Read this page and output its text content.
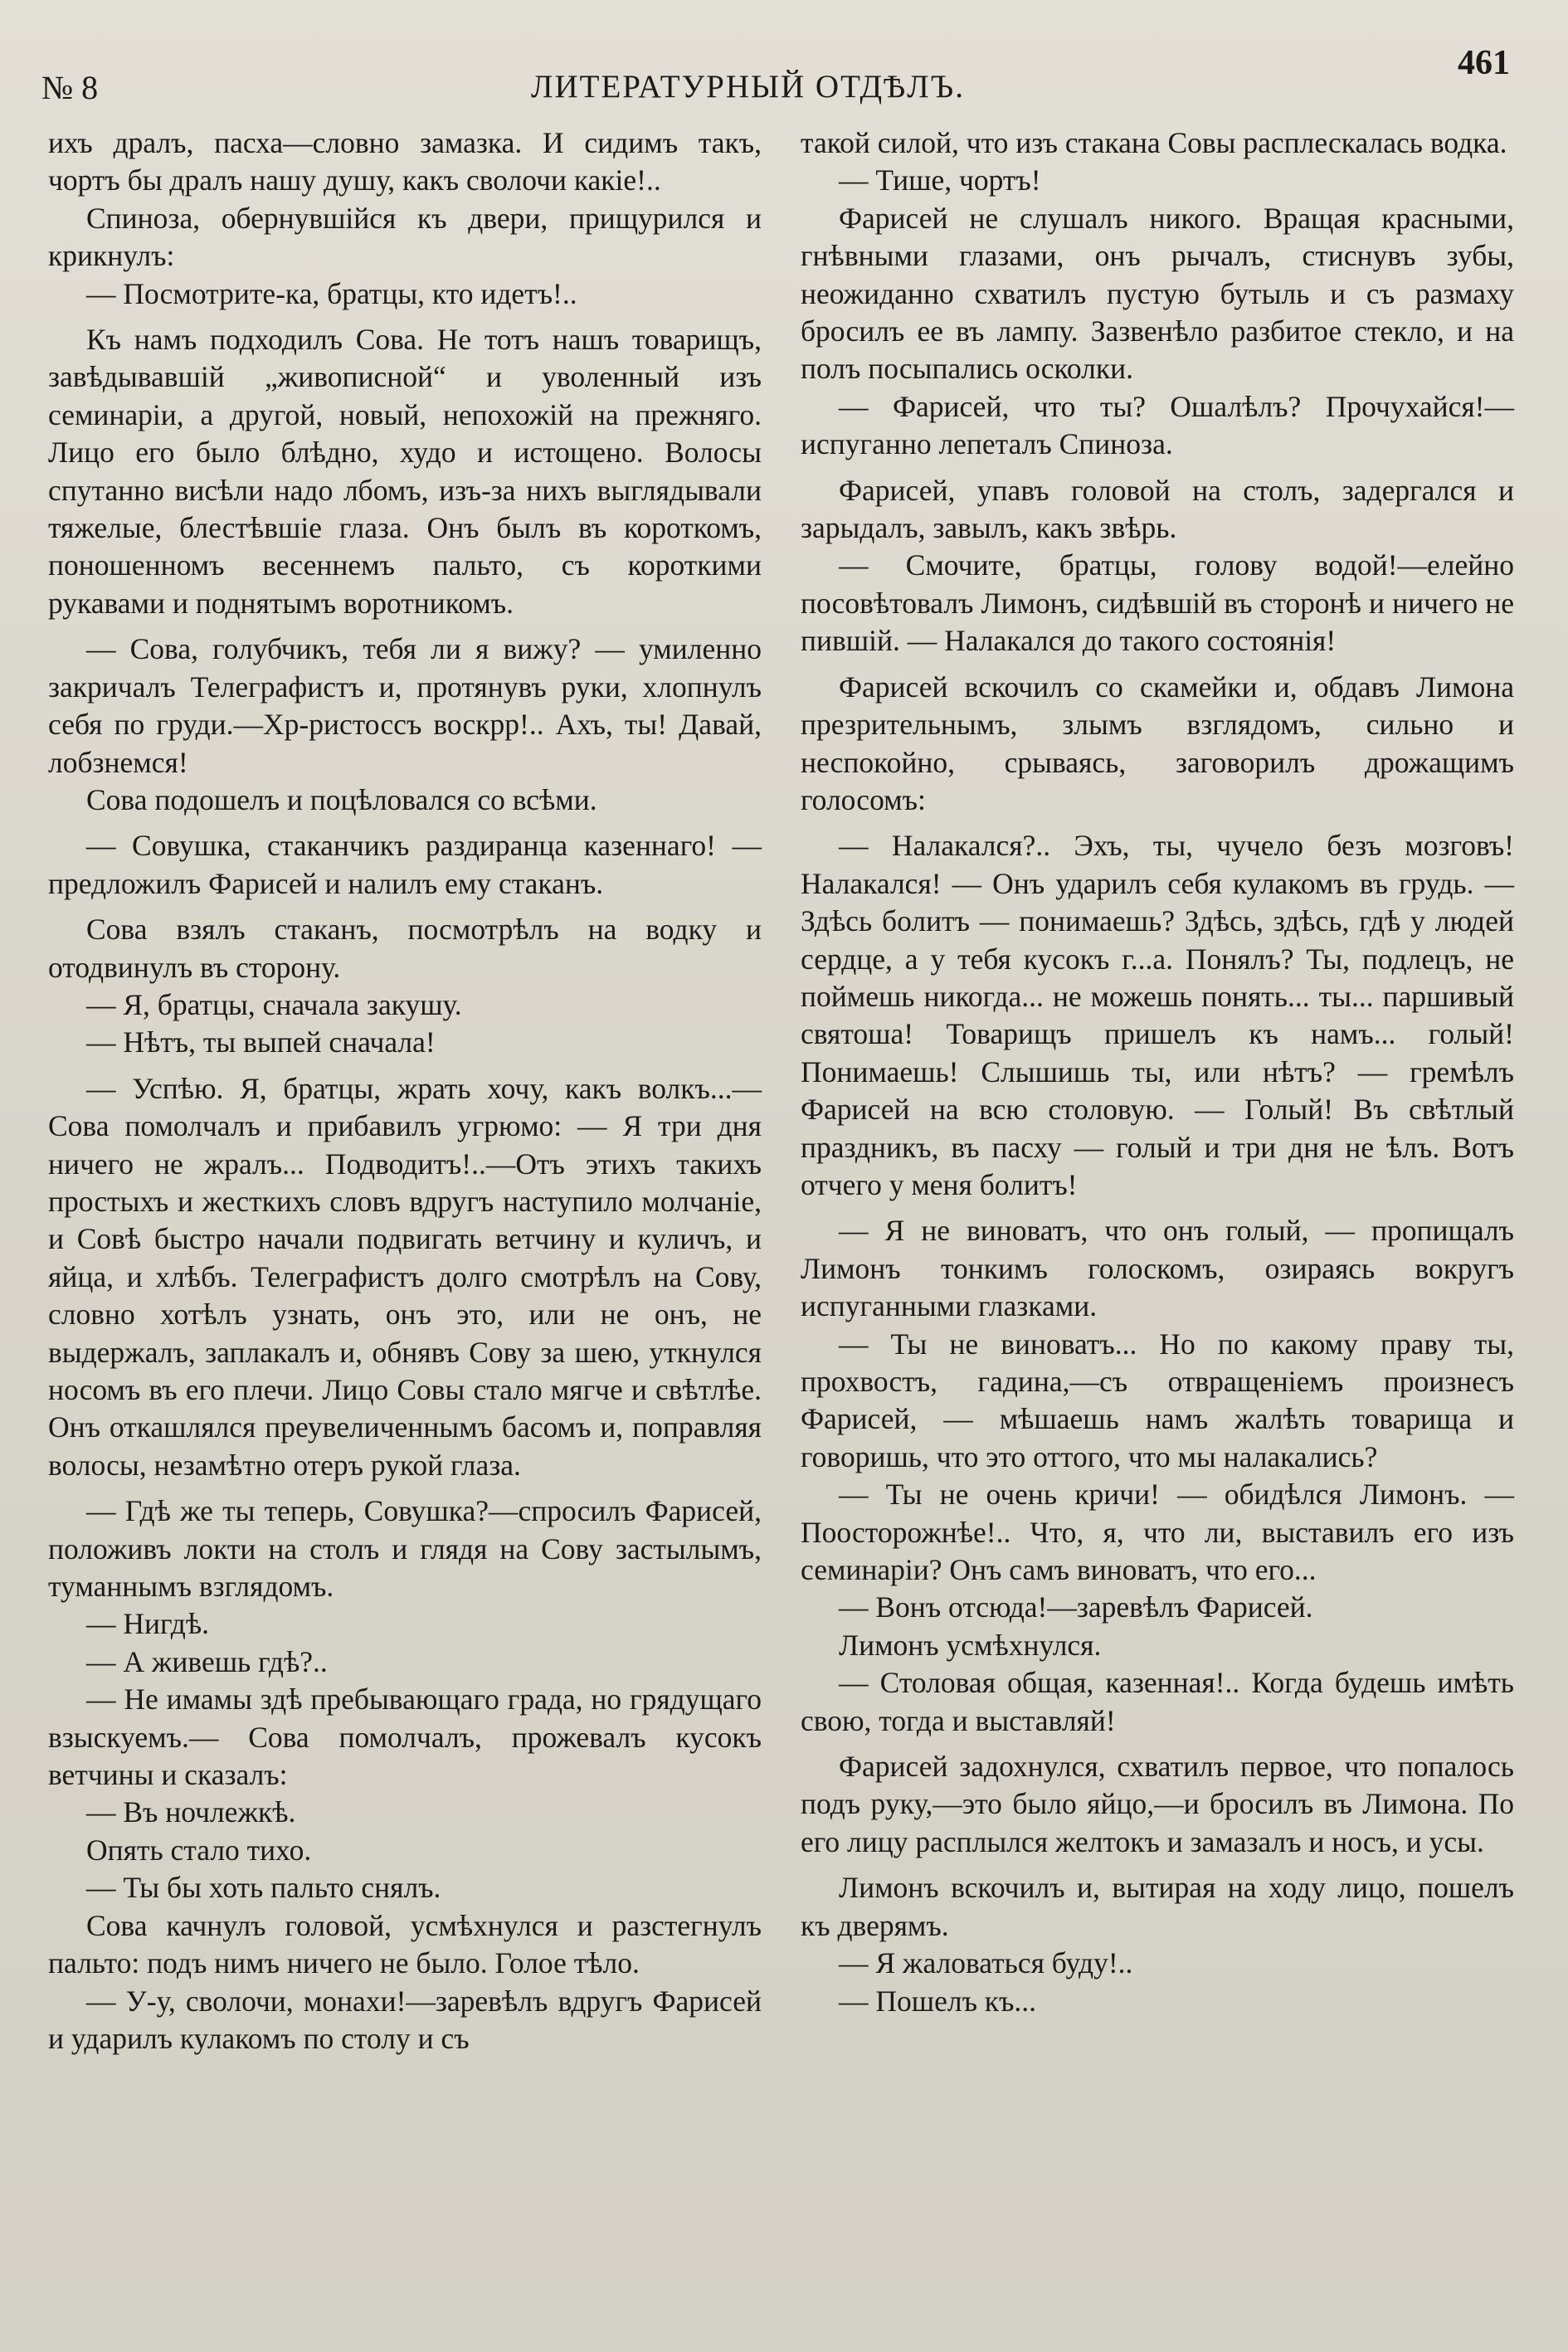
№ 8	ЛИТЕРАТУРНЫЙ ОТДѢЛЪ.
461

ихъ дралъ, пасха—словно замазка. И сидимъ такъ, чортъ бы дралъ нашу душу, какъ сволочи какіе!..

Спиноза, обернувшійся къ двери, прищурился и крикнулъ:

— Посмотрите-ка, братцы, кто идетъ!..

Къ намъ подходилъ Сова. Не тотъ нашъ товарищъ, завѣдывавшій „живописной“ и уволенный изъ семинаріи, а другой, новый, непохожій на прежняго. Лицо его было блѣдно, худо и истощено. Волосы спутанно висѣли надо лбомъ, изъ-за нихъ выглядывали тяжелые, блестѣвшіе глаза. Онъ былъ въ короткомъ, поношенномъ весеннемъ пальто, съ короткими рукавами и поднятымъ воротникомъ.

— Сова, голубчикъ, тебя ли я вижу? — умиленно закричалъ Телеграфистъ и, протянувъ руки, хлопнулъ себя по груди.—Хр-ристоссъ воскрр!.. Ахъ, ты! Давай, лобзнемся!

Сова подошелъ и поцѣловался со всѣми.

— Совушка, стаканчикъ раздиранца казеннаго! — предложилъ Фарисей и налилъ ему стаканъ.

Сова взялъ стаканъ, посмотрѣлъ на водку и отодвинулъ въ сторону.

— Я, братцы, сначала закушу.

— Нѣтъ, ты выпей сначала!

— Успѣю. Я, братцы, жрать хочу, какъ волкъ...— Сова помолчалъ и прибавилъ угрюмо: — Я три дня ничего не жралъ... Подводитъ!..—Отъ этихъ такихъ простыхъ и жесткихъ словъ вдругъ наступило молчаніе, и Совѣ быстро начали подвигать ветчину и куличъ, и яйца, и хлѣбъ. Телеграфистъ долго смотрѣлъ на Сову, словно хотѣлъ узнать, онъ это, или не онъ, не выдержалъ, заплакалъ и, обнявъ Сову за шею, уткнулся носомъ въ его плечи. Лицо Совы стало мягче и свѣтлѣе. Онъ откашлялся преувеличеннымъ басомъ и, поправляя волосы, незамѣтно отеръ рукой глаза.

— Гдѣ же ты теперь, Совушка?—спросилъ Фарисей, положивъ локти на столъ и глядя на Сову застылымъ, туманнымъ взглядомъ.

— Нигдѣ.

— А живешь гдѣ?..

— Не имамы здѣ пребывающаго града, но грядущаго взыскуемъ.— Сова помолчалъ, прожевалъ кусокъ ветчины и сказалъ:

— Въ ночлежкѣ.

Опять стало тихо.

— Ты бы хоть пальто снялъ.

Сова качнулъ головой, усмѣхнулся и разстегнулъ пальто: подъ нимъ ничего не было. Голое тѣло.

— У-у, сволочи, монахи!—заревѣлъ вдругъ Фарисей и ударилъ кулакомъ по столу и съ

такой силой, что изъ стакана Совы расплескалась водка.

— Тише, чортъ!

Фарисей не слушалъ никого. Вращая красными, гнѣвными глазами, онъ рычалъ, стиснувъ зубы, неожиданно схватилъ пустую бутыль и съ размаху бросилъ ее въ лампу. Зазвенѣло разбитое стекло, и на полъ посыпались осколки.

— Фарисей, что ты? Ошалѣлъ? Прочухайся!—испуганно лепеталъ Спиноза.

Фарисей, упавъ головой на столъ, задергался и зарыдалъ, завылъ, какъ звѣрь.

— Смочите, братцы, голову водой!—елейно посовѣтовалъ Лимонъ, сидѣвшій въ сторонѣ и ничего не пившій. — Налакался до такого состоянія!

Фарисей вскочилъ со скамейки и, обдавъ Лимона презрительнымъ, злымъ взглядомъ, сильно и неспокойно, срываясь, заговорилъ дрожащимъ голосомъ:

— Налакался?.. Эхъ, ты, чучело безъ мозговъ! Налакался! — Онъ ударилъ себя кулакомъ въ грудь. — Здѣсь болитъ — понимаешь? Здѣсь, здѣсь, гдѣ у людей сердце, а у тебя кусокъ г...а. Понялъ? Ты, подлецъ, не поймешь никогда... не можешь понять... ты... паршивый святоша! Товарищъ пришелъ къ намъ... голый! Понимаешь! Слышишь ты, или нѣтъ? — гремѣлъ Фарисей на всю столовую. — Голый! Въ свѣтлый праздникъ, въ пасху — голый и три дня не ѣлъ. Вотъ отчего у меня болитъ!

— Я не виноватъ, что онъ голый, — пропищалъ Лимонъ тонкимъ голоскомъ, озираясь вокругъ испуганными глазками.

— Ты не виноватъ... Но по какому праву ты, прохвостъ, гадина,—съ отвращеніемъ произнесъ Фарисей, — мѣшаешь намъ жалѣть товарища и говоришь, что это оттого, что мы налакались?

— Ты не очень кричи! — обидѣлся Лимонъ. — Поосторожнѣе!.. Что, я, что ли, выставилъ его изъ семинаріи? Онъ самъ виноватъ, что его...

— Вонъ отсюда!—заревѣлъ Фарисей.

Лимонъ усмѣхнулся.

— Столовая общая, казенная!.. Когда будешь имѣть свою, тогда и выставляй!

Фарисей задохнулся, схватилъ первое, что попалось подъ руку,—это было яйцо,—и бросилъ въ Лимона. По его лицу расплылся желтокъ и замазалъ и носъ, и усы.

Лимонъ вскочилъ и, вытирая на ходу лицо, пошелъ къ дверямъ.

— Я жаловаться буду!..

— Пошелъ къ...
